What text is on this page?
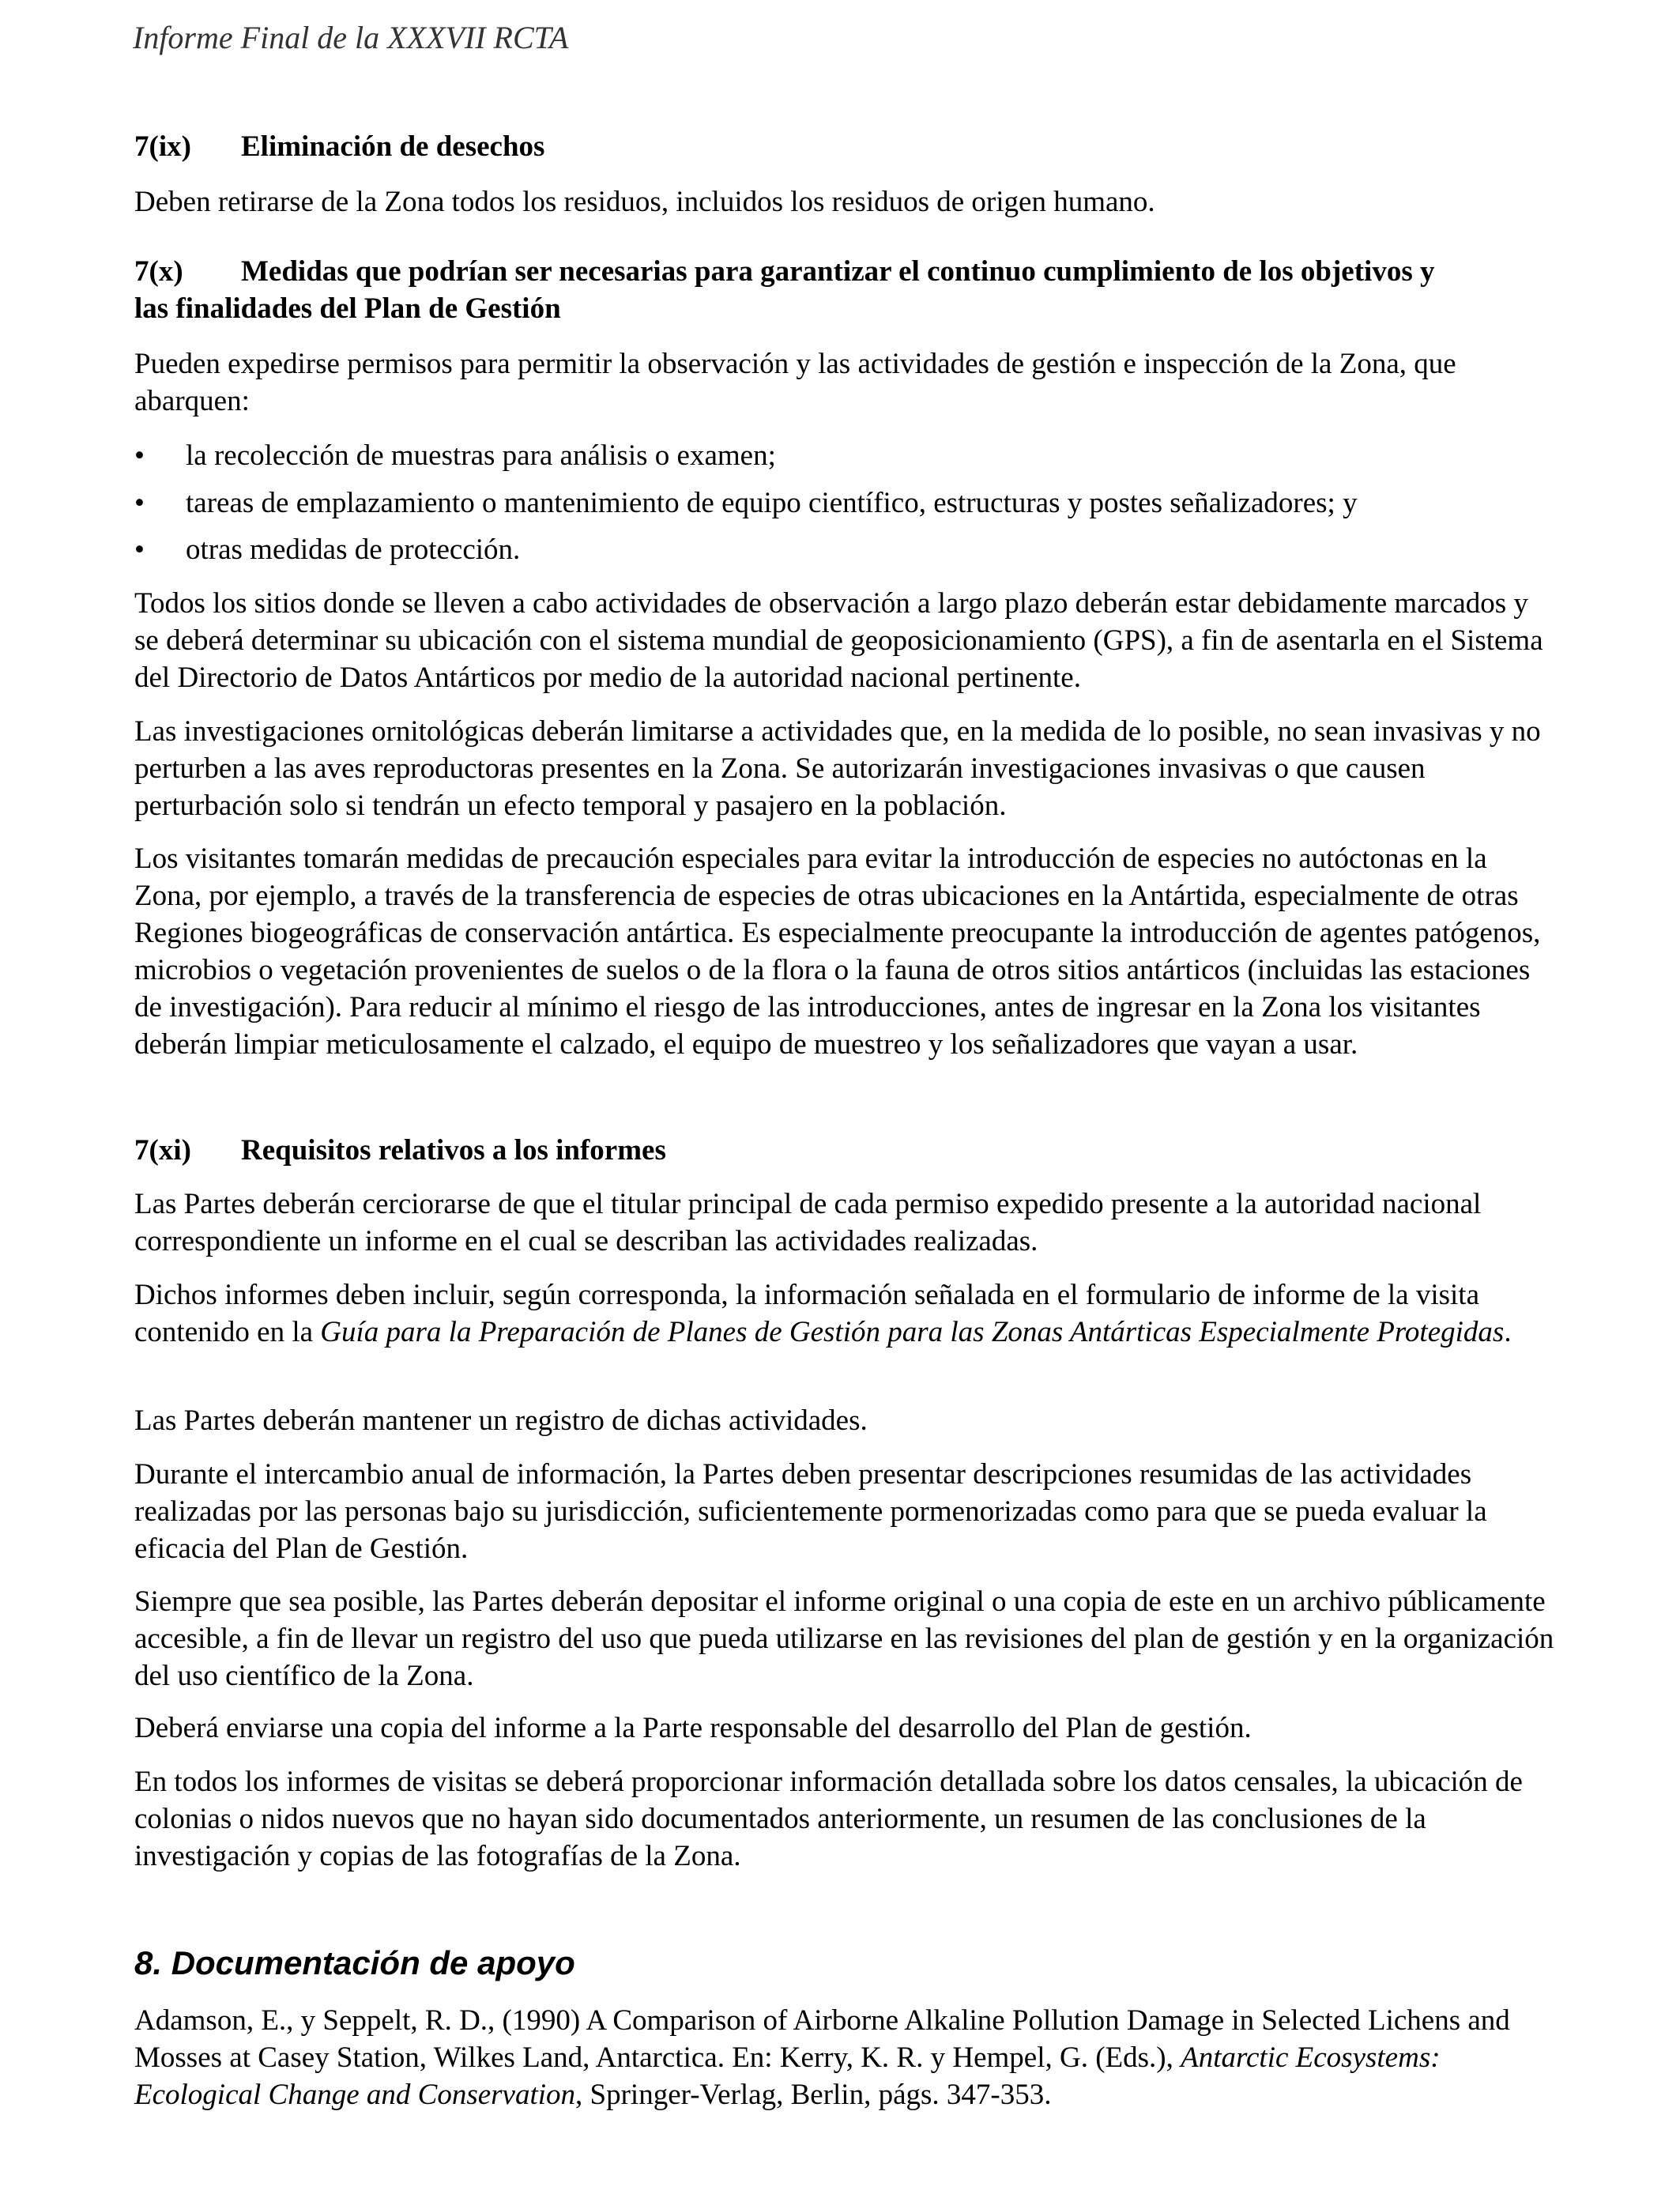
Informe Final de la XXXVII RCTA
7(ix) Eliminación de desechos
Deben retirarse de la Zona todos los residuos, incluidos los residuos de origen humano.
7(x) Medidas que podrían ser necesarias para garantizar el continuo cumplimiento de los objetivos y
las finalidades del Plan de Gestión
Pueden expedirse permisos para permitir la observación y las actividades de gestión e inspección de la Zona, que abarquen:
•	la recolección de muestras para análisis o examen;
•	tareas de emplazamiento o mantenimiento de equipo científico, estructuras y postes señalizadores; y
•	otras medidas de protección.
Todos los sitios donde se lleven a cabo actividades de observación a largo plazo deberán estar debidamente marcados y se deberá determinar su ubicación con el sistema mundial de geoposicionamiento (GPS), a fin de asentarla en el Sistema del Directorio de Datos Antárticos por medio de la autoridad nacional pertinente.
Las investigaciones ornitológicas deberán limitarse a actividades que, en la medida de lo posible, no sean invasivas y no perturben a las aves reproductoras presentes en la Zona. Se autorizarán investigaciones invasivas o que causen perturbación solo si tendrán un efecto temporal y pasajero en la población.
Los visitantes tomarán medidas de precaución especiales para evitar la introducción de especies no autóctonas en la Zona, por ejemplo, a través de la transferencia de especies de otras ubicaciones en la Antártida, especialmente de otras Regiones biogeográficas de conservación antártica. Es especialmente preocupante la introducción de agentes patógenos, microbios o vegetación provenientes de suelos o de la flora o la fauna de otros sitios antárticos (incluidas las estaciones de investigación). Para reducir al mínimo el riesgo de las introducciones, antes de ingresar en la Zona los visitantes deberán limpiar meticulosamente el calzado, el equipo de muestreo y los señalizadores que vayan a usar.
7(xi) Requisitos relativos a los informes
Las Partes deberán cerciorarse de que el titular principal de cada permiso expedido presente a la autoridad nacional correspondiente un informe en el cual se describan las actividades realizadas.
Dichos informes deben incluir, según corresponda, la información señalada en el formulario de informe de la visita contenido en la Guía para la Preparación de Planes de Gestión para las Zonas Antárticas Especialmente Protegidas.
Las Partes deberán mantener un registro de dichas actividades.
Durante el intercambio anual de información, la Partes deben presentar descripciones resumidas de las actividades realizadas por las personas bajo su jurisdicción, suficientemente pormenorizadas como para que se pueda evaluar la eficacia del Plan de Gestión.
Siempre que sea posible, las Partes deberán depositar el informe original o una copia de este en un archivo públicamente accesible, a fin de llevar un registro del uso que pueda utilizarse en las revisiones del plan de gestión y en la organización del uso científico de la Zona.
Deberá enviarse una copia del informe a la Parte responsable del desarrollo del Plan de gestión.
En todos los informes de visitas se deberá proporcionar información detallada sobre los datos censales, la ubicación de colonias o nidos nuevos que no hayan sido documentados anteriormente, un resumen de las conclusiones de la investigación y copias de las fotografías de la Zona.
8. Documentación de apoyo
Adamson, E., y Seppelt, R. D., (1990) A Comparison of Airborne Alkaline Pollution Damage in Selected Lichens and Mosses at Casey Station, Wilkes Land, Antarctica. En: Kerry, K. R. y Hempel, G. (Eds.), Antarctic Ecosystems: Ecological Change and Conservation, Springer-Verlag, Berlin, págs. 347-353.
